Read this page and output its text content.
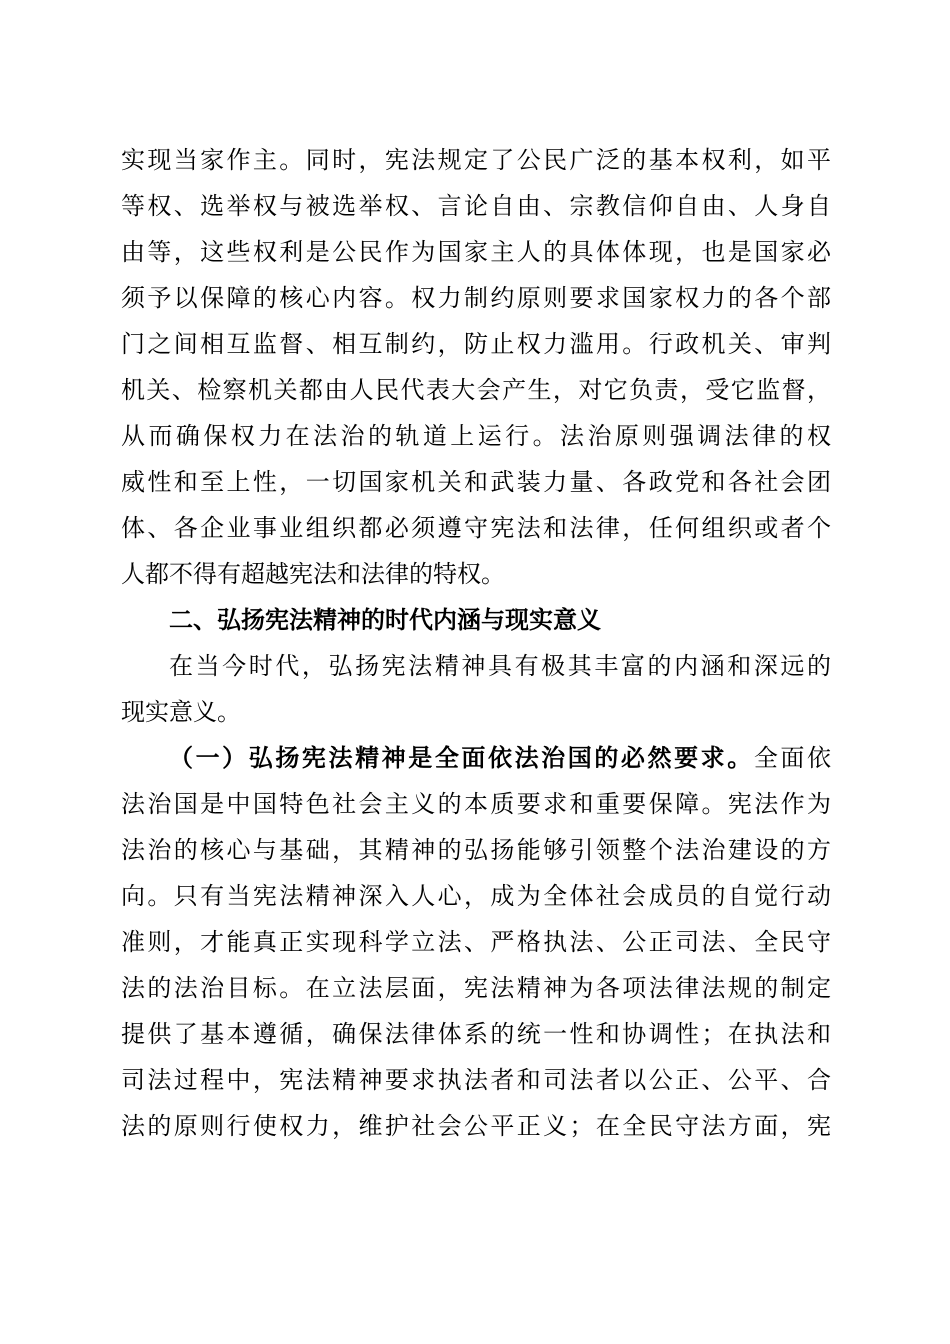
实现当家作主。同时，宪法规定了公民广泛的基本权利，如平

等权、选举权与被选举权、言论自由、宗教信仰自由、人身自

由等，这些权利是公民作为国家主人的具体体现，也是国家必

须予以保障的核心内容。权力制约原则要求国家权力的各个部

门之间相互监督、相互制约，防止权力滥用。行政机关、审判

机关、检察机关都由人民代表大会产生，对它负责，受它监督，

从而确保权力在法治的轨道上运行。法治原则强调法律的权

威性和至上性，一切国家机关和武装力量、各政党和各社会团

体、各企业事业组织都必须遵守宪法和法律，任何组织或者个

人都不得有超越宪法和法律的特权。

二、弘扬宪法精神的时代内涵与现实意义

在当今时代，弘扬宪法精神具有极其丰富的内涵和深远的

现实意义。

（一）弘扬宪法精神是全面依法治国的必然要求。全面依

法治国是中国特色社会主义的本质要求和重要保障。宪法作为

法治的核心与基础，其精神的弘扬能够引领整个法治建设的方

向。只有当宪法精神深入人心，成为全体社会成员的自觉行动

准则，才能真正实现科学立法、严格执法、公正司法、全民守

法的法治目标。在立法层面，宪法精神为各项法律法规的制定

提供了基本遵循，确保法律体系的统一性和协调性；在执法和

司法过程中，宪法精神要求执法者和司法者以公正、公平、合

法的原则行使权力，维护社会公平正义；在全民守法方面，宪
